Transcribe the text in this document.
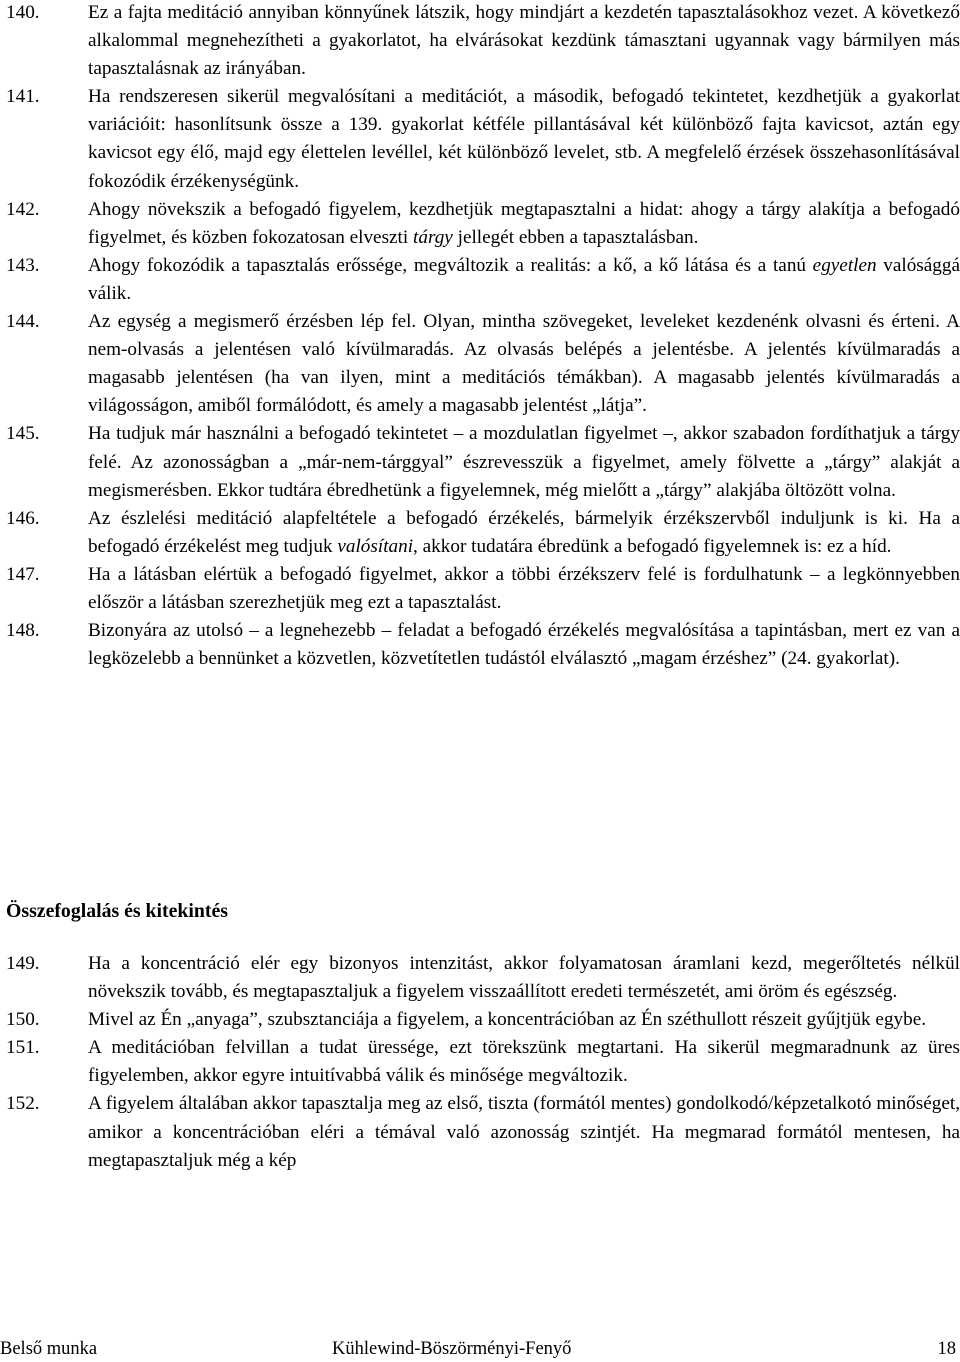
140.	Ez a fajta meditáció annyiban könnyűnek látszik, hogy mindjárt a kezdetén tapasztalásokhoz vezet. A következő alkalommal megnehezítheti a gyakorlatot, ha elvárásokat kezdünk támasztani ugyannak vagy bármilyen más tapasztalásnak az irányában.
141.	Ha rendszeresen sikerül megvalósítani a meditációt, a második, befogadó tekintetet, kezdhetjük a gyakorlat variációit: hasonlítsunk össze a 139. gyakorlat kétféle pillantásával két különböző fajta kavicsot, aztán egy kavicsot egy élő, majd egy élettelen levéllel, két különböző levelet, stb. A megfelelő érzések összehasonlításával fokozódik érzékenységünk.
142.	Ahogy növekszik a befogadó figyelem, kezdhetjük megtapasztalni a hidat: ahogy a tárgy alakítja a befogadó figyelmet, és közben fokozatosan elveszti tárgy jellegét ebben a tapasztalásban.
143.	Ahogy fokozódik a tapasztalás erőssége, megváltozik a realitás: a kő, a kő látása és a tanú egyetlen valósággá válik.
144.	Az egység a megismerő érzésben lép fel. Olyan, mintha szövegeket, leveleket kezdenénk olvasni és érteni. A nem-olvasás a jelentésen való kívülmaradás. Az olvasás belépés a jelentésbe. A jelentés kívülmaradás a magasabb jelentésen (ha van ilyen, mint a meditációs témákban). A magasabb jelentés kívülmaradás a világosságon, amiből formálódott, és amely a magasabb jelentést „látja”.
145.	Ha tudjuk már használni a befogadó tekintetet – a mozdulatlan figyelmet –, akkor szabadon fordíthatjuk a tárgy felé. Az azonosságban a „már-nem-tárggyal” észrevesszük a figyelmet, amely fölvette a „tárgy” alakját a megismerésben. Ekkor tudtára ébredhetünk a figyelemnek, még mielőtt a „tárgy” alakjába öltözött volna.
146.	Az észlelési meditáció alapfeltétele a befogadó érzékelés, bármelyik érzékszervből induljunk is ki. Ha a befogadó érzékelést meg tudjuk valósítani, akkor tudatára ébredünk a befogadó figyelemnek is: ez a híd.
147.	Ha a látásban elértük a befogadó figyelmet, akkor a többi érzékszerv felé is fordulhatunk – a legkönnyebben először a látásban szerezhetjük meg ezt a tapasztalást.
148.	Bizonyára az utolsó – a legnehezebb – feladat a befogadó érzékelés megvalósítása a tapintásban, mert ez van a legközelebb a bennünket a közvetlen, közvetítetlen tudástól elválasztó „magam érzéshez” (24. gyakorlat).
Összefoglalás és kitekintés
149.	Ha a koncentráció elér egy bizonyos intenzitást, akkor folyamatosan áramlani kezd, megerőltetés nélkül növekszik tovább, és megtapasztaljuk a figyelem visszaállított eredeti természetét, ami öröm és egészség.
150.	Mivel az Én „anyaga”, szubsztanciája a figyelem, a koncentrációban az Én széthullott részeit gyűjtjük egybe.
151.	A meditációban felvillan a tudat üressége, ezt törekszünk megtartani. Ha sikerül megmaradnunk az üres figyelemben, akkor egyre intuitívabbá válik és minősége megváltozik.
152.	A figyelem általában akkor tapasztalja meg az első, tiszta (formától mentes) gondolkodó/képzetalkotó minőséget, amikor a koncentrációban eléri a témával való azonosság szintjét. Ha megmarad formától mentesen, ha megtapasztaljuk még a kép
Belső munka	Kühlewind-Böszörményi-Fenyő	18
